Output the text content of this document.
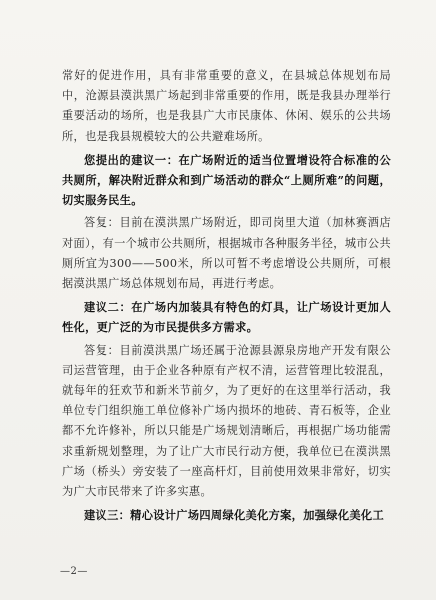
常好的促进作用，具有非常重要的意义，在县城总体规划布局中，沧源县漠洪黑广场起到非常重要的作用，既是我县办理举行重要活动的场所，也是我县广大市民康体、休闲、娱乐的公共场所，也是我县规模较大的公共避难场所。

您提出的建议一：在广场附近的适当位置增设符合标准的公共厕所，解决附近群众和到广场活动的群众“上厕所难”的问题，切实服务民生。

答复：目前在漠洪黑广场附近，即司岗里大道（加林赛酒店对面），有一个城市公共厕所，根据城市各种服务半径，城市公共厕所宜为300——500米，所以可暂不考虑增设公共厕所，可根据漠洪黑广场总体规划布局，再进行考虑。

建议二：在广场内加装具有特色的灯具，让广场设计更加人性化，更广泛的为市民提供多方需求。

答复：目前漠洪黑广场还属于沧源县源泉房地产开发有限公司运营管理，由于企业各种原有产权不清，运营管理比较混乱，就每年的狂欢节和新米节前夕，为了更好的在这里举行活动，我单位专门组织施工单位修补广场内损坏的地砖、青石板等，企业都不允许修补，所以只能是广场规划清晰后，再根据广场功能需求重新规划整理，为了让广大市民行动方便，我单位已在漠洪黑广场（桥头）旁安装了一座高杆灯，目前使用效果非常好，切实为广大市民带来了许多实惠。

建议三：精心设计广场四周绿化美化方案，加强绿化美化工

—2—
